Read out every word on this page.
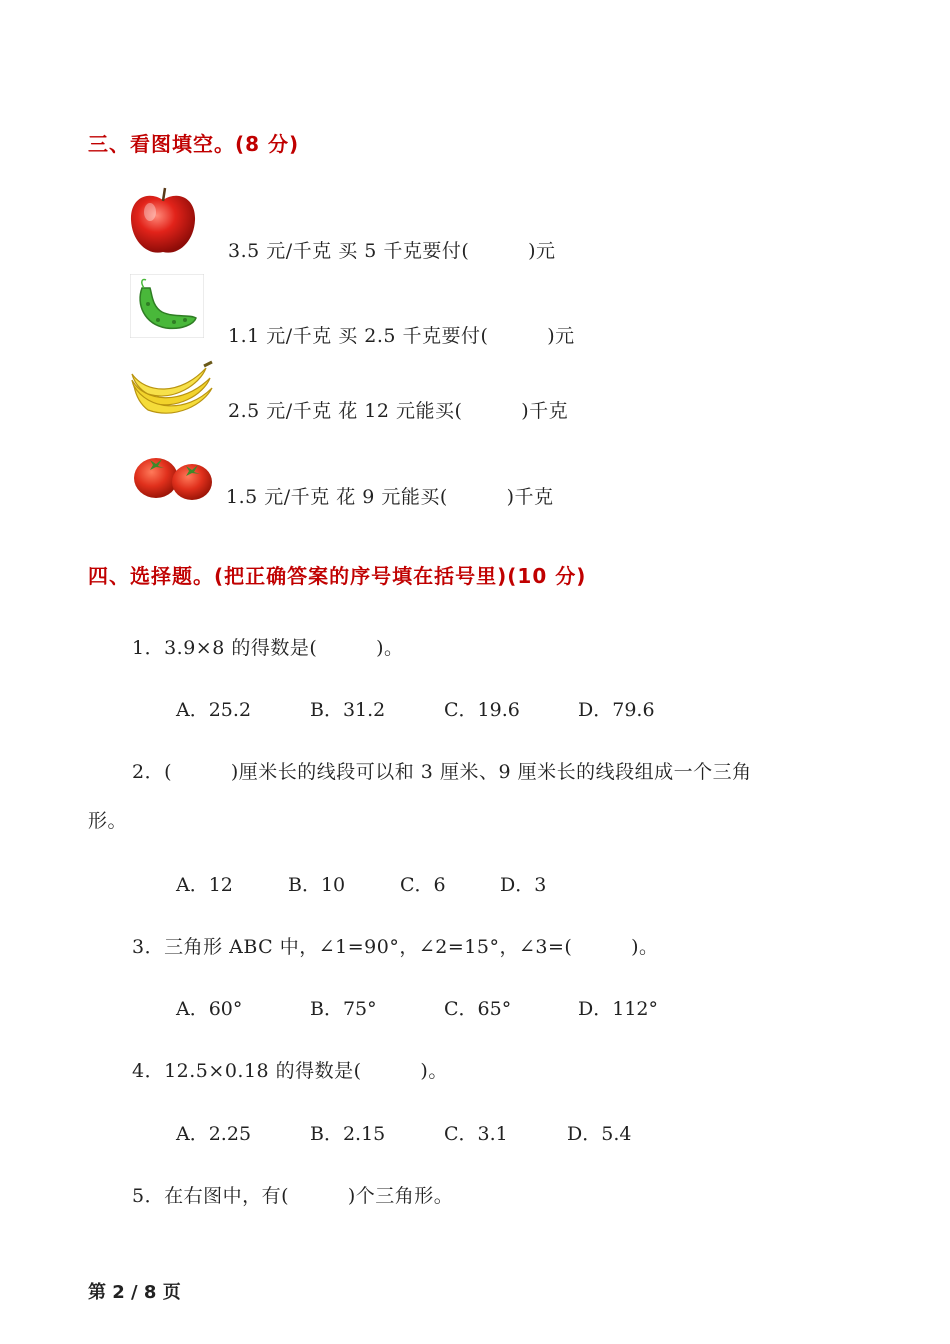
三、看图填空。(8 分)
3.5 元/千克 买 5 千克要付(         )元
1.1 元/千克 买 2.5 千克要付(         )元
2.5 元/千克 花 12 元能买(         )千克
1.5 元/千克 花 9 元能买(         )千克
四、选择题。(把正确答案的序号填在括号里)(10 分)
1．3.9×8 的得数是(         )。
A．25.2	B．31.2	C．19.6	D．79.6
2．(         )厘米长的线段可以和 3 厘米、9 厘米长的线段组成一个三角
形。
A．12	B．10	C．6	D．3
3．三角形 ABC 中，∠1=90°，∠2=15°，∠3=(         )。
A．60°	B．75°	C．65°	D．112°
4．12.5×0.18 的得数是(         )。
A．2.25	B．2.15	C．3.1	D．5.4
5．在右图中，有(         )个三角形。
第 2 / 8 页
